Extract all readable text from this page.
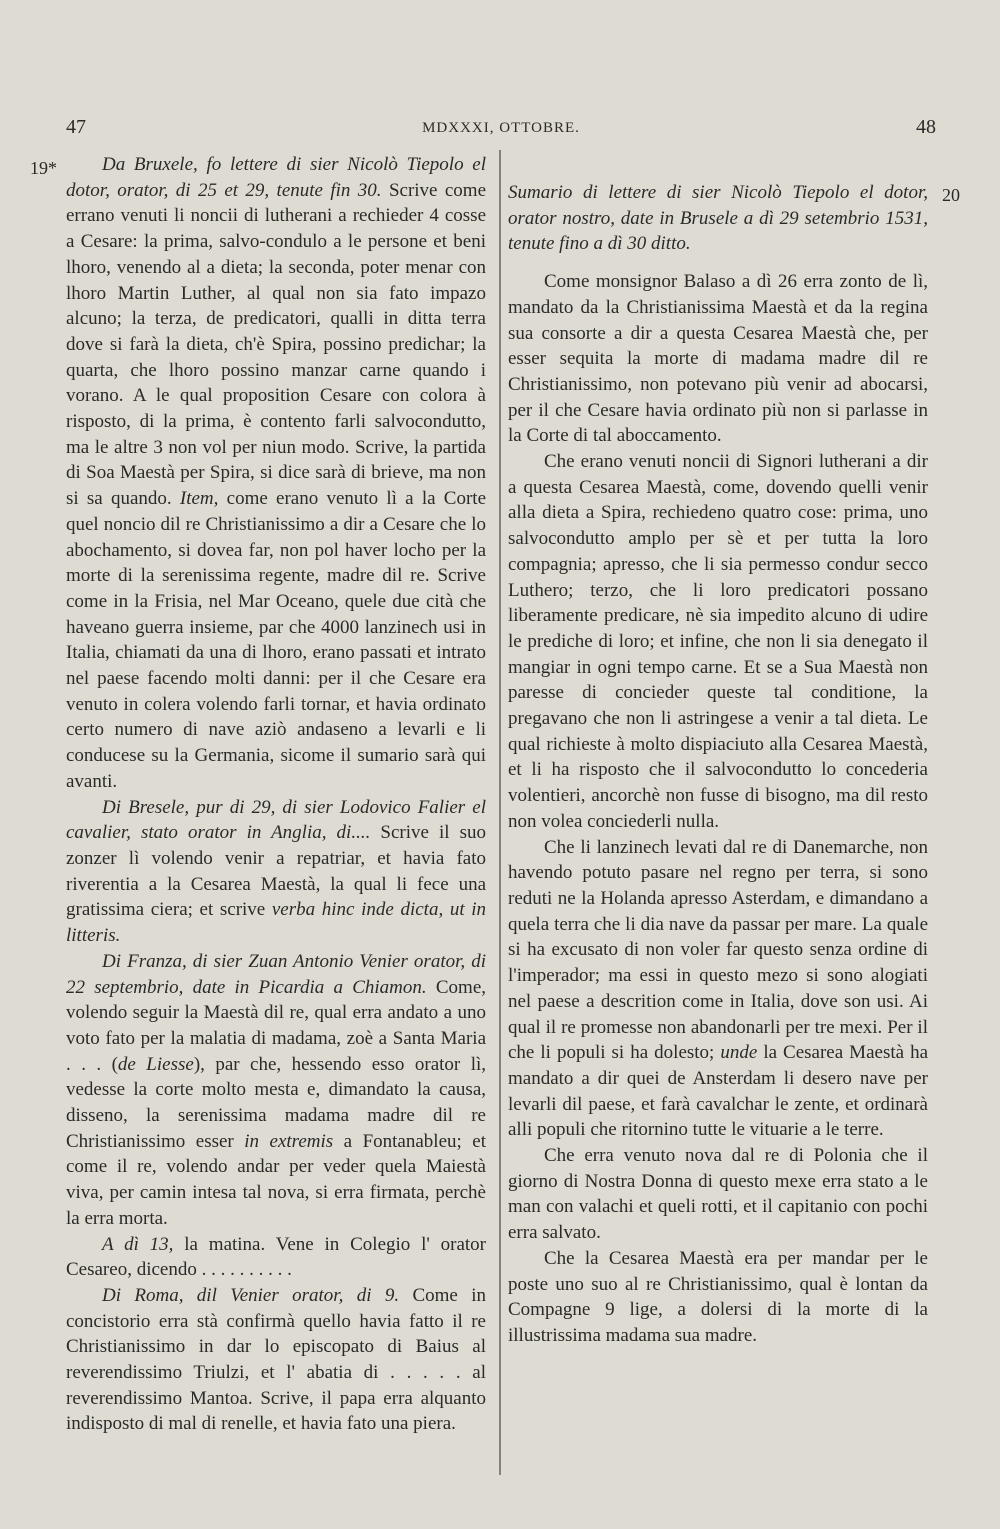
47	MDXXXI, OTTOBRE.	48
19*
20

Da Bruxele, fo lettere di sier Nicolò Tiepolo el dotor, orator, di 25 et 29, tenute fin 30. Scrive come errano venuti li noncii di lutherani a rechieder 4 cosse a Cesare: la prima, salvo-condulo a le persone et beni lhoro, venendo al a dieta; la seconda, poter menar con lhoro Martin Luther, al qual non sia fato impazo alcuno; la terza, de predicatori, qualli in ditta terra dove si farà la dieta, ch'è Spira, possino predichar; la quarta, che lhoro possino manzar carne quando i vorano. A le qual proposition Cesare con colora à risposto, di la prima, è contento farli salvocondutto, ma le altre 3 non vol per niun modo. Scrive, la partida di Soa Maestà per Spira, si dice sarà di brieve, ma non si sa quando. Item, come erano venuto lì a la Corte quel noncio dil re Christianissimo a dir a Cesare che lo abochamento, si dovea far, non pol haver locho per la morte di la serenissima regente, madre dil re. Scrive come in la Frisia, nel Mar Oceano, quele due cità che haveano guerra insieme, par che 4000 lanzinech usi in Italia, chiamati da una di lhoro, erano passati et intrato nel paese facendo molti danni: per il che Cesare era venuto in colera volendo farli tornar, et havia ordinato certo numero di nave aziò andaseno a levarli e li conducese su la Germania, sicome il sumario sarà qui avanti.

Di Bresele, pur di 29, di sier Lodovico Falier el cavalier, stato orator in Anglia, di.... Scrive il suo zonzer lì volendo venir a repatriar, et havia fato riverentia a la Cesarea Maestà, la qual li fece una gratissima ciera; et scrive verba hinc inde dicta, ut in litteris.

Di Franza, di sier Zuan Antonio Venier orator, di 22 septembrio, date in Picardia a Chiamon. Come, volendo seguir la Maestà dil re, qual erra andato a uno voto fato per la malatia di madama, zoè a Santa Maria . . . (de Liesse), par che, hessendo esso orator lì, vedesse la corte molto mesta e, dimandato la causa, disseno, la serenissima madama madre dil re Christianissimo esser in extremis a Fontanableu; et come il re, volendo andar per veder quela Maiestà viva, per camin intesa tal nova, si erra firmata, perchè la erra morta.

A dì 13, la matina. Vene in Colegio l' orator Cesareo, dicendo . . . . . . . . . .

Di Roma, dil Venier orator, di 9. Come in concistorio erra stà confirmà quello havia fatto il re Christianissimo in dar lo episcopato di Baius al reverendissimo Triulzi, et l' abatia di . . . . . al reverendissimo Mantoa. Scrive, il papa erra alquanto indisposto di mal di renelle, et havia fato una piera.

Sumario di lettere di sier Nicolò Tiepolo el dotor, orator nostro, date in Brusele a dì 29 setembrio 1531, tenute fino a dì 30 ditto.

Come monsignor Balaso a dì 26 erra zonto de lì, mandato da la Christianissima Maestà et da la regina sua consorte a dir a questa Cesarea Maestà che, per esser sequita la morte di madama madre dil re Christianissimo, non potevano più venir ad abocarsi, per il che Cesare havia ordinato più non si parlasse in la Corte di tal aboccamento.

Che erano venuti noncii di Signori lutherani a dir a questa Cesarea Maestà, come, dovendo quelli venir alla dieta a Spira, rechiedeno quatro cose: prima, uno salvocondutto amplo per sè et per tutta la loro compagnia; apresso, che li sia permesso condur secco Luthero; terzo, che li loro predicatori possano liberamente predicare, nè sia impedito alcuno di udire le prediche di loro; et infine, che non li sia denegato il mangiar in ogni tempo carne. Et se a Sua Maestà non paresse di concieder queste tal conditione, la pregavano che non li astringese a venir a tal dieta. Le qual richieste à molto dispiaciuto alla Cesarea Maestà, et li ha risposto che il salvocondutto lo concederia volentieri, ancorchè non fusse di bisogno, ma dil resto non volea conciederli nulla.

Che li lanzinech levati dal re di Danemarche, non havendo potuto pasare nel regno per terra, si sono reduti ne la Holanda apresso Asterdam, e dimandano a quela terra che li dia nave da passar per mare. La quale si ha excusato di non voler far questo senza ordine di l'imperador; ma essi in questo mezo si sono alogiati nel paese a descrition come in Italia, dove son usi. Ai qual il re promesse non abandonarli per tre mexi. Per il che li populi si ha dolesto; unde la Cesarea Maestà ha mandato a dir quei de Ansterdam li desero nave per levarli dil paese, et farà cavalchar le zente, et ordinarà alli populi che ritornino tutte le vituarie a le terre.

Che erra venuto nova dal re di Polonia che il giorno di Nostra Donna di questo mexe erra stato a le man con valachi et queli rotti, et il capitanio con pochi erra salvato.

Che la Cesarea Maestà era per mandar per le poste uno suo al re Christianissimo, qual è lontan da Compagne 9 lige, a dolersi di la morte di la illustrissima madama sua madre.
